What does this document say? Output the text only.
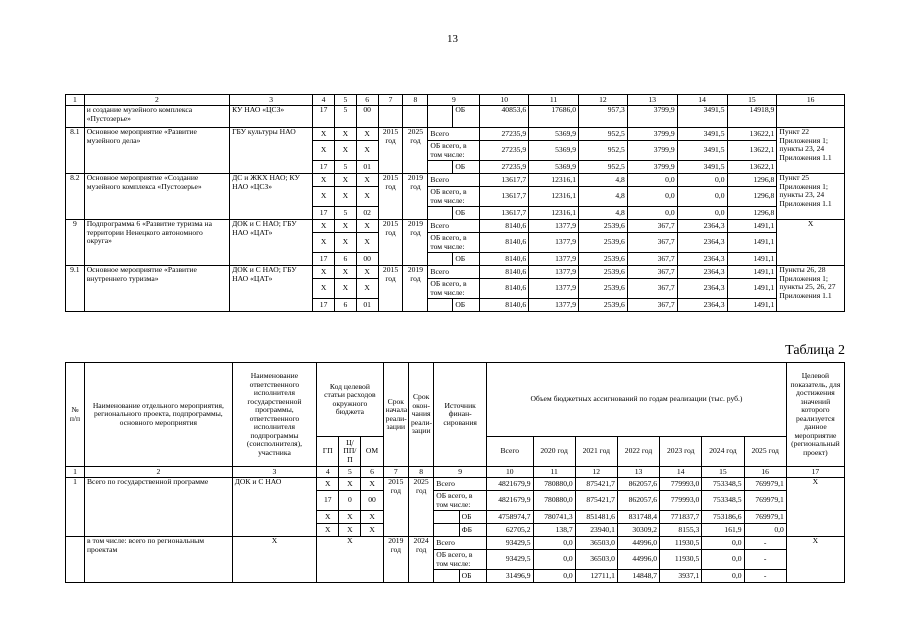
13
1	2	3	4	5	6	7	8	9		10	11	12	13	14	15	16
	и создание музейного комплекса «Пустозерье»	КУ НАО «ЦСЗ»	17	5	00				ОБ	40853,6	17686,0	957,3	3799,9	3491,5	14918,9	
8.1	Основное мероприятие «Развитие музейного дела»	ГБУ культуры НАО	Х	Х	Х	2015 год	2025 год	Всего		27235,9	5369,9	952,5	3799,9	3491,5	13622,1	Пункт 22 Приложения 1; пункты 23, 24 Приложения 1.1
			Х	Х	Х			ОБ всего, в том числе:		27235,9	5369,9	952,5	3799,9	3491,5	13622,1	
			17	5	01				ОБ	27235,9	5369,9	952,5	3799,9	3491,5	13622,1	
8.2	Основное мероприятие «Создание музейного комплекса «Пустозерье»	ДС и ЖКХ НАО; КУ НАО «ЦСЗ»	Х	Х	Х	2015 год	2019 год	Всего		13617,7	12316,1	4,8	0,0	0,0	1296,8	Пункт 25 Приложения 1; пункты 23, 24 Приложения 1.1
			Х	Х	Х			ОБ всего, в том числе:		13617,7	12316,1	4,8	0,0	0,0	1296,8	
			17	5	02				ОБ	13617,7	12316,1	4,8	0,0	0,0	1296,8	
9	Подпрограмма 6 «Развитие туризма на территории Ненецкого автономного округа»	ДОК и С НАО; ГБУ НАО «ЦАТ»	Х	Х	Х	2015 год	2019 год	Всего		8140,6	1377,9	2539,6	367,7	2364,3	1491,1	Х
			Х	Х	Х			ОБ всего, в том числе:		8140,6	1377,9	2539,6	367,7	2364,3	1491,1	
			17	6	00				ОБ	8140,6	1377,9	2539,6	367,7	2364,3	1491,1	
9.1	Основное мероприятие «Развитие внутреннего туризма»	ДОК и С НАО; ГБУ НАО «ЦАТ»	Х	Х	Х	2015 год	2019 год	Всего		8140,6	1377,9	2539,6	367,7	2364,3	1491,1	Пункты 26, 28 Приложения 1; пункты 25, 26, 27 Приложения 1.1
			Х	Х	Х			ОБ всего, в том числе:		8140,6	1377,9	2539,6	367,7	2364,3	1491,1	
			17	6	01				ОБ	8140,6	1377,9	2539,6	367,7	2364,3	1491,1	
Таблица 2
№ п/п	Наименование отдельного мероприятия, регионального проекта, подпрограммы, основного мероприятия	Наименование ответственного исполнителя государственной программы, ответственного исполнителя подпрограммы (соисполнителя), участника	Код целевой статьи расходов окружного бюджета			Срок начала реали-зации	Срок окон-чания реали-зации	Источник финан-сирования		Объем бюджетных ассигнований по годам реализации (тыс. руб.)							Целевой показатель, для достижения значений которого реализуется данное мероприятие (региональный проект)
			ГП	Ц/ПП/П	ОМ					Всего	2020 год	2021 год	2022 год	2023 год	2024 год	2025 год	
1	2	3	4	5	6	7	8	9		10	11	12	13	14	15	16	17
1	Всего по государственной программе	ДОК и С НАО	Х	Х	Х	2015 год	2025 год	Всего		4821679,9	780880,0	875421,7	862057,6	779993,0	753348,5	769979,1	Х
			17	0	00			ОБ всего, в том числе:		4821679,9	780880,0	875421,7	862057,6	779993,0	753348,5	769979,1	
			Х	Х	Х				ОБ	4758974,7	780741,3	851481,6	831748,4	771837,7	753186,6	769979,1	
			Х	Х	Х				ФБ	62705,2	138,7	23940,1	30309,2	8155,3	161,9	0,0	
	в том числе: всего по региональным проектам	Х	Х			2019 год	2024 год	Всего		93429,5	0,0	36503,0	44996,0	11930,5	0,0	-	Х
								ОБ всего, в том числе:		93429,5	0,0	36503,0	44996,0	11930,5	0,0	-	
									ОБ	31496,9	0,0	12711,1	14848,7	3937,1	0,0	-	
